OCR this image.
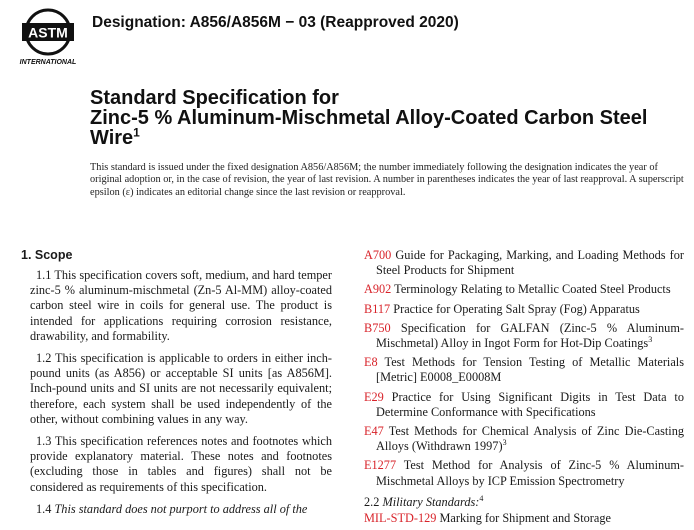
ASTM
INTERNATIONAL
Designation: A856/A856M − 03 (Reapproved 2020)
Standard Specification for
Zinc-5 % Aluminum-Mischmetal Alloy-Coated Carbon Steel
Wire$^1$
This standard is issued under the fixed designation A856/A856M; the number immediately following the designation indicates the year of original adoption or, in the case of revision, the year of last revision. A number in parentheses indicates the year of last reapproval. A superscript epsilon (ε) indicates an editorial change since the last revision or reapproval.
1. Scope
1.1 This specification covers soft, medium, and hard temper zinc-5 % aluminum-mischmetal (Zn-5 Al-MM) alloy-coated carbon steel wire in coils for general use. The product is intended for applications requiring corrosion resistance, drawability, and formability.
1.2 This specification is applicable to orders in either inch-pound units (as A856) or acceptable SI units [as A856M]. Inch-pound units and SI units are not necessarily equivalent; therefore, each system shall be used independently of the other, without combining values in any way.
1.3 This specification references notes and footnotes which provide explanatory material. These notes and footnotes (excluding those in tables and figures) shall not be considered as requirements of this specification.
1.4 This standard does not purport to address all of the
A700 Guide for Packaging, Marking, and Loading Methods for Steel Products for Shipment
A902 Terminology Relating to Metallic Coated Steel Products
B117 Practice for Operating Salt Spray (Fog) Apparatus
B750 Specification for GALFAN (Zinc-5 % Aluminum-Mischmetal) Alloy in Ingot Form for Hot-Dip Coatings$^3$
E8 Test Methods for Tension Testing of Metallic Materials [Metric] E0008_E0008M
E29 Practice for Using Significant Digits in Test Data to Determine Conformance with Specifications
E47 Test Methods for Chemical Analysis of Zinc Die-Casting Alloys (Withdrawn 1997)$^3$
E1277 Test Method for Analysis of Zinc-5 % Aluminum-Mischmetal Alloys by ICP Emission Spectrometry
2.2 Military Standards:$^4$
MIL-STD-129 Marking for Shipment and Storage
